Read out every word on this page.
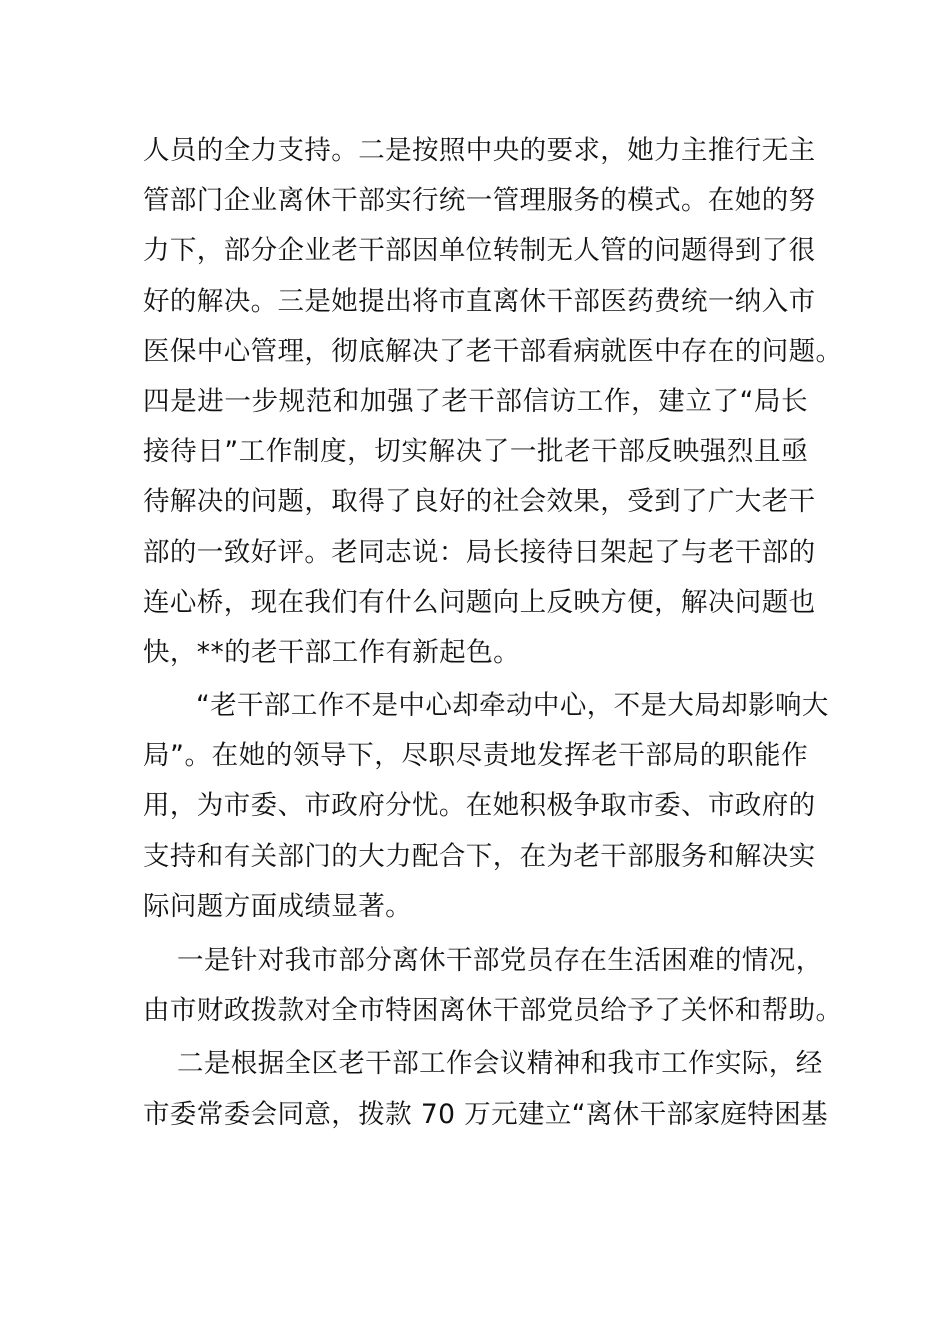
人员的全力支持。二是按照中央的要求，她力主推行无主
管部门企业离休干部实行统一管理服务的模式。在她的努
力下，部分企业老干部因单位转制无人管的问题得到了很
好的解决。三是她提出将市直离休干部医药费统一纳入市
医保中心管理，彻底解决了老干部看病就医中存在的问题。
四是进一步规范和加强了老干部信访工作，建立了“局长
接待日”工作制度，切实解决了一批老干部反映强烈且亟
待解决的问题，取得了良好的社会效果，受到了广大老干
部的一致好评。老同志说：局长接待日架起了与老干部的
连心桥，现在我们有什么问题向上反映方便，解决问题也
快，**的老干部工作有新起色。
“老干部工作不是中心却牵动中心，不是大局却影响大
局”。在她的领导下，尽职尽责地发挥老干部局的职能作
用，为市委、市政府分忧。在她积极争取市委、市政府的
支持和有关部门的大力配合下，在为老干部服务和解决实
际问题方面成绩显著。
一是针对我市部分离休干部党员存在生活困难的情况，
由市财政拨款对全市特困离休干部党员给予了关怀和帮助。
二是根据全区老干部工作会议精神和我市工作实际，经
市委常委会同意，拨款 70 万元建立“离休干部家庭特困基
